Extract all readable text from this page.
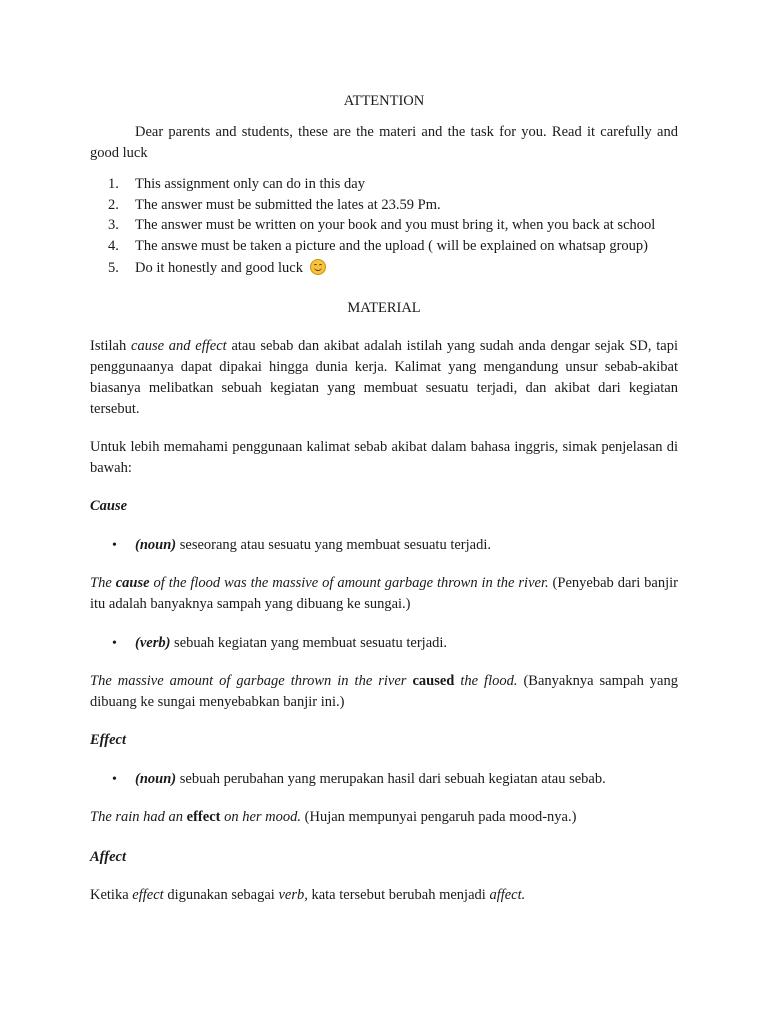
ATTENTION

Dear parents and students, these are the materi and the task for you. Read it carefully and good luck

1.	This assignment only can do in this day
2.	The answer must be submitted the lates at 23.59 Pm.
3.	The answer must be written on your book and you must bring it, when you back at school
4.	The answe must be taken a picture and the upload ( will be explained on whatsap group)
5.	Do it honestly and good luck

MATERIAL

Istilah cause and effect atau sebab dan akibat adalah istilah yang sudah anda dengar sejak SD, tapi penggunaanya dapat dipakai hingga dunia kerja. Kalimat yang mengandung unsur sebab-akibat biasanya melibatkan sebuah kegiatan yang membuat sesuatu terjadi, dan akibat dari kegiatan tersebut.

Untuk lebih memahami penggunaan kalimat sebab akibat dalam bahasa inggris, simak penjelasan di bawah:

Cause

• (noun) seseorang atau sesuatu yang membuat sesuatu terjadi.

The cause of the flood was the massive of amount garbage thrown in the river. (Penyebab dari banjir itu adalah banyaknya sampah yang dibuang ke sungai.)

• (verb) sebuah kegiatan yang membuat sesuatu terjadi.

The massive amount of garbage thrown in the river caused the flood. (Banyaknya sampah yang dibuang ke sungai menyebabkan banjir ini.)

Effect

• (noun) sebuah perubahan yang merupakan hasil dari sebuah kegiatan atau sebab.

The rain had an effect on her mood. (Hujan mempunyai pengaruh pada mood-nya.)

Affect

Ketika effect digunakan sebagai verb, kata tersebut berubah menjadi affect.
